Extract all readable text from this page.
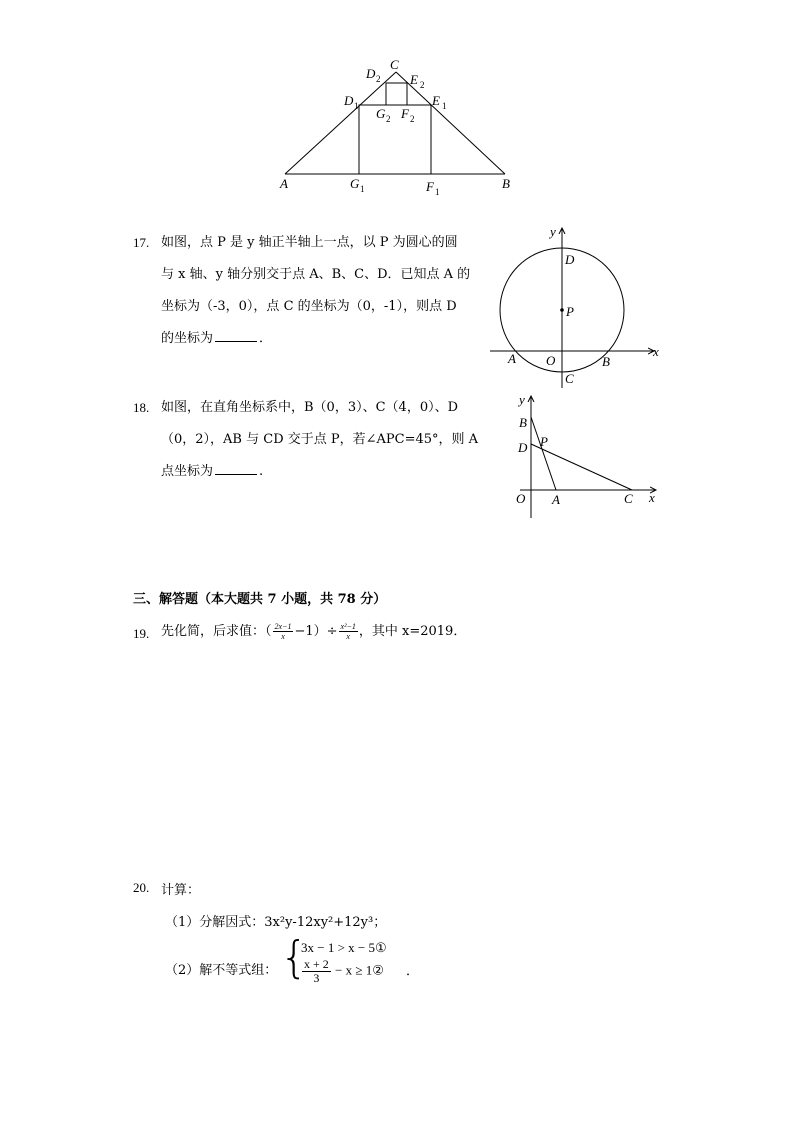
C
D 2 E 2
D 1	E 1
G 2 F 2
A	G 1	F 1
B
17. 如图，点 P 是 y 轴正半轴上一点，以 P 为圆心的圆
与 x 轴、y 轴分别交于点 A、B、C、D．已知点 A 的
坐标为（-3，0），点 C 的坐标为（0，-1），则点 D
的坐标为	．
y
x
D
P
A O	B
C
18. 如图，在直角坐标系中，B（0，3）、C（4，0）、D
（0，2），AB 与 CD 交于点 P，若∠APC=45°，则 A
点坐标为	.
y
x
B
P
D
O A	C
三、解答题（本大题共 7 小题，共 78 分）
19. 先化简，后求值：（ $\frac{2x-1}{x} -1)\div \frac{\text{x²−1}}{x}$ ，其中 x=2019．
20. 计算：
（1）分解因式：3x²y-12xy²+12y³；
（2）解不等式组： {
3x − 1 > x − 5①
$\frac{x + 2}{3} - x$ ≥ 1② ．
